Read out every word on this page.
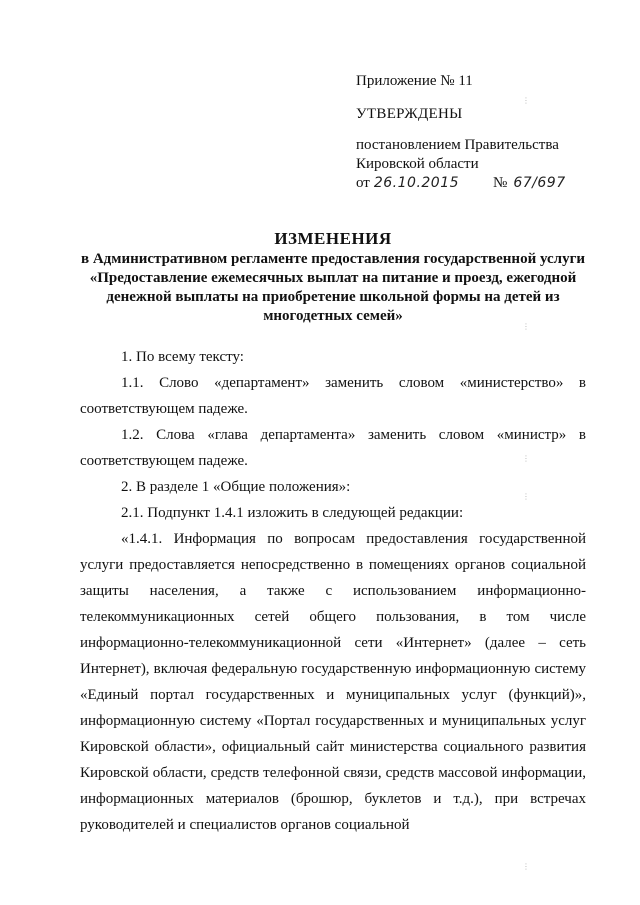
Приложение № 11
УТВЕРЖДЕНЫ
постановлением Правительства
Кировской области
от 26.10.2015 № 67/697
ИЗМЕНЕНИЯ
в Административном регламенте предоставления государственной услуги «Предоставление ежемесячных выплат на питание и проезд, ежегодной денежной выплаты на приобретение школьной формы на детей из многодетных семей»

1. По всему тексту:

1.1. Слово «департамент» заменить словом «министерство» в соответствующем падеже.

1.2. Слова «глава департамента» заменить словом «министр» в соответствующем падеже.

2. В разделе 1 «Общие положения»:

2.1. Подпункт 1.4.1 изложить в следующей редакции:

«1.4.1. Информация по вопросам предоставления государственной услуги предоставляется непосредственно в помещениях органов социальной защиты населения, а также с использованием информационно-телекоммуникационных сетей общего пользования, в том числе информационно-телекоммуникационной сети «Интернет» (далее – сеть Интернет), включая федеральную государственную информационную систему «Единый портал государственных и муниципальных услуг (функций)», информационную систему «Портал государственных и муниципальных услуг Кировской области», официальный сайт министерства социального развития Кировской области, средств телефонной связи, средств массовой информации, информационных материалов (брошюр, буклетов и т.д.), при встречах руководителей и специалистов органов социальной

⋮
⋮
⋮
⋮
⋮
